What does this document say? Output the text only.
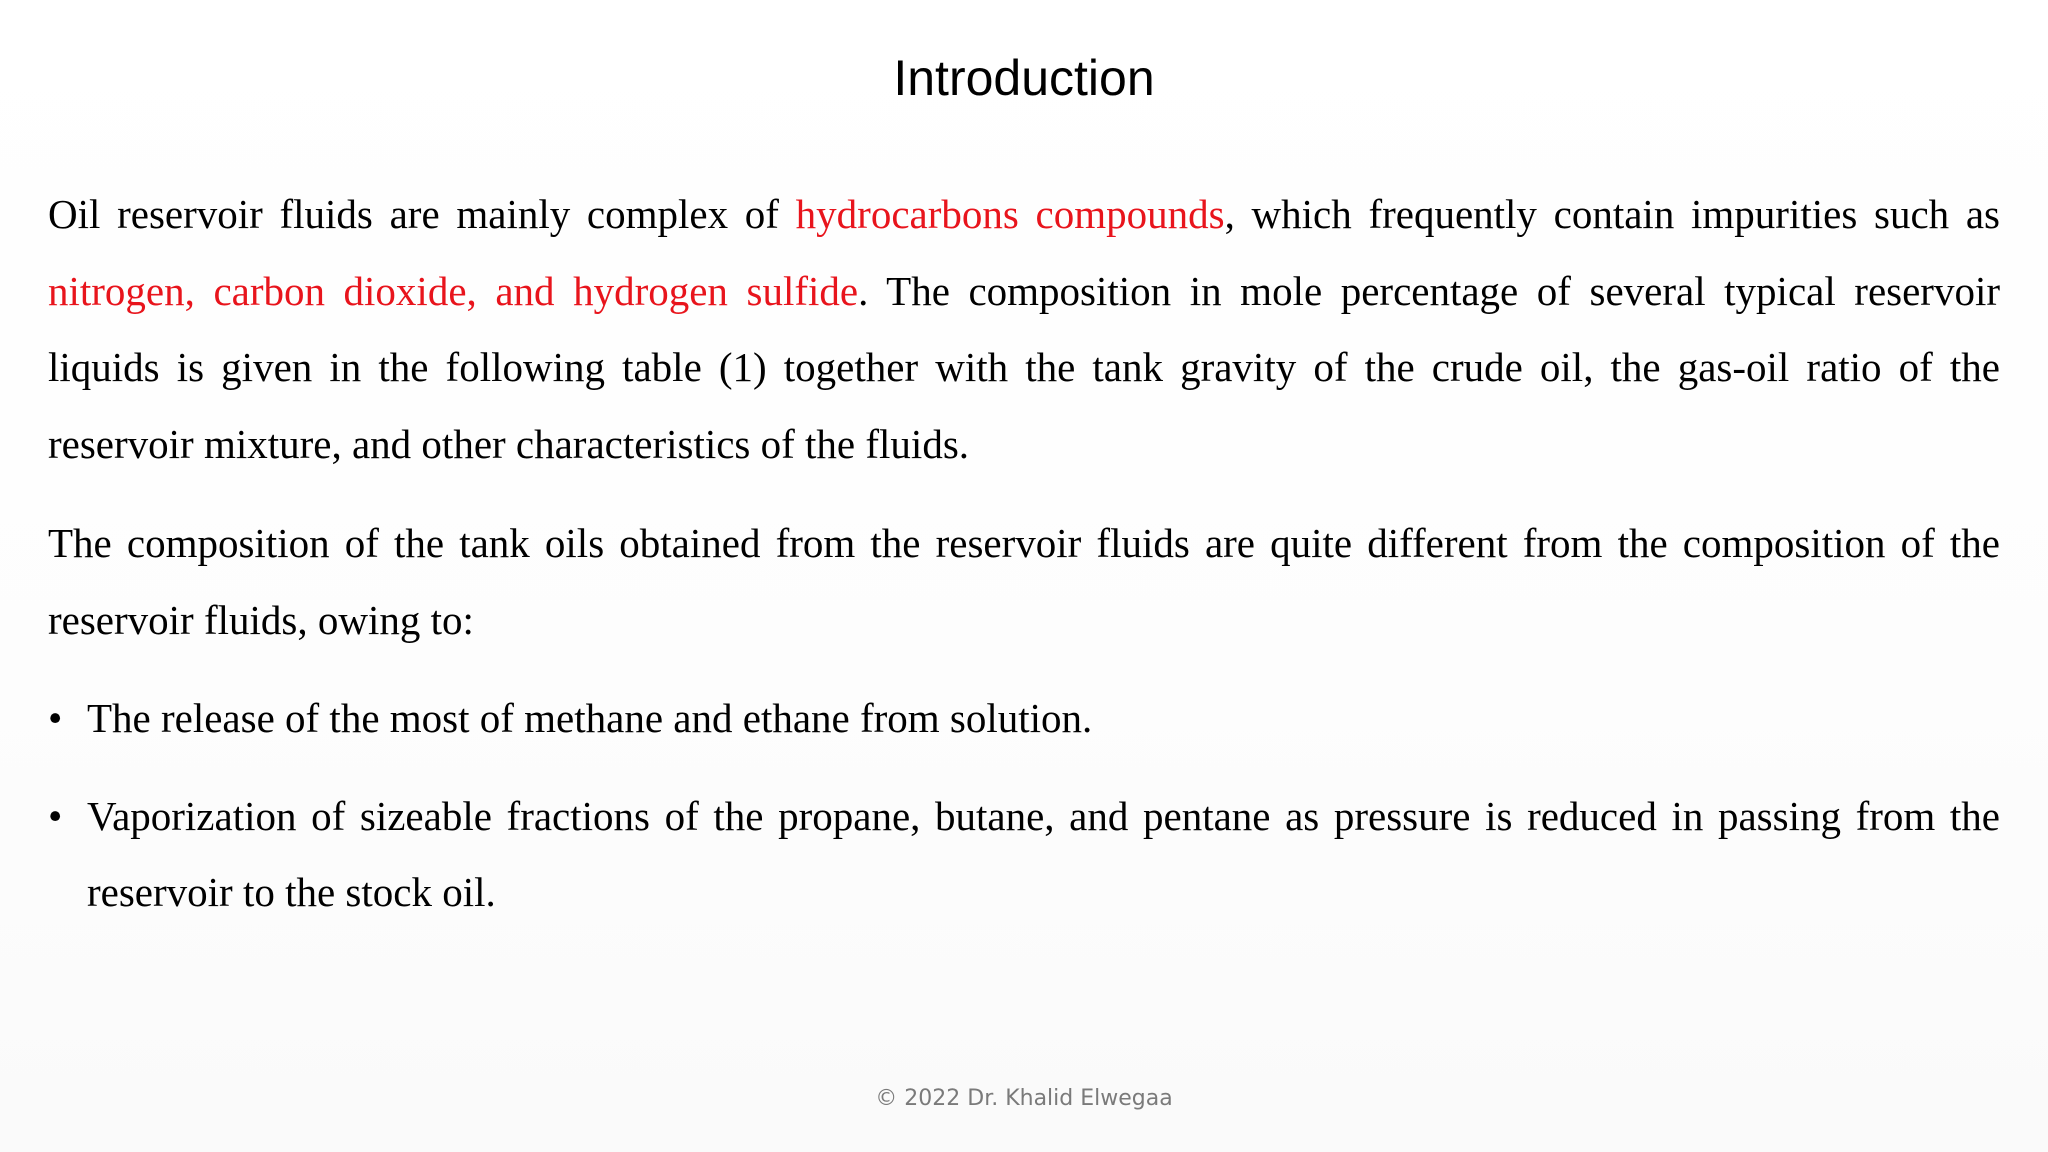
Introduction

Oil reservoir fluids are mainly complex of hydrocarbons compounds, which frequently contain impurities such as nitrogen, carbon dioxide, and hydrogen sulfide. The composition in mole percentage of several typical reservoir liquids is given in the following table (1) together with the tank gravity of the crude oil, the gas-oil ratio of the reservoir mixture, and other characteristics of the fluids.

The composition of the tank oils obtained from the reservoir fluids are quite different from the composition of the reservoir fluids, owing to:

• The release of the most of methane and ethane from solution.
• Vaporization of sizeable fractions of the propane, butane, and pentane as pressure is reduced in passing from the reservoir to the stock oil.

© 2022 Dr. Khalid Elwegaa
